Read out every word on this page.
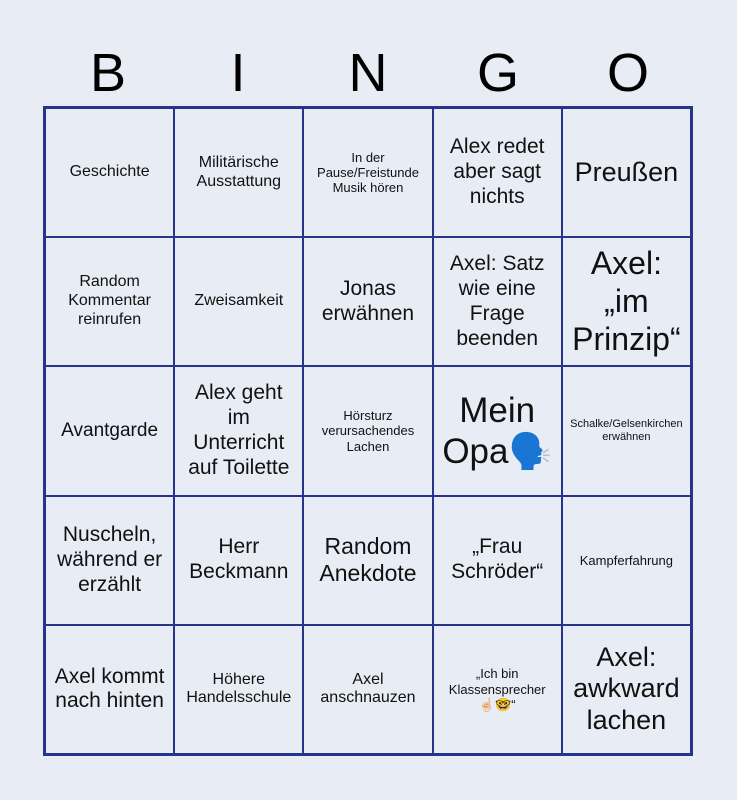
B	I	N	G	O
Geschichte
Militärische Ausstattung
In der Pause/Freistunde Musik hören
Alex redet aber sagt nichts
Preußen
Random Kommentar reinrufen
Zweisamkeit
Jonas erwähnen
Axel: Satz wie eine Frage beenden
Axel: „im Prinzip“
Avantgarde
Alex geht im Unterricht auf Toilette
Hörsturz verursachendes Lachen
Mein Opa🗣️
Schalke/Gelsenkirchen erwähnen
Nuscheln, während er erzählt
Herr Beckmann
Random Anekdote
„Frau Schröder“
Kampferfahrung
Axel kommt nach hinten
Höhere Handelsschule
Axel anschnauzen
„Ich bin Klassensprecher ☝🏻🤓“
Axel: awkward lachen
